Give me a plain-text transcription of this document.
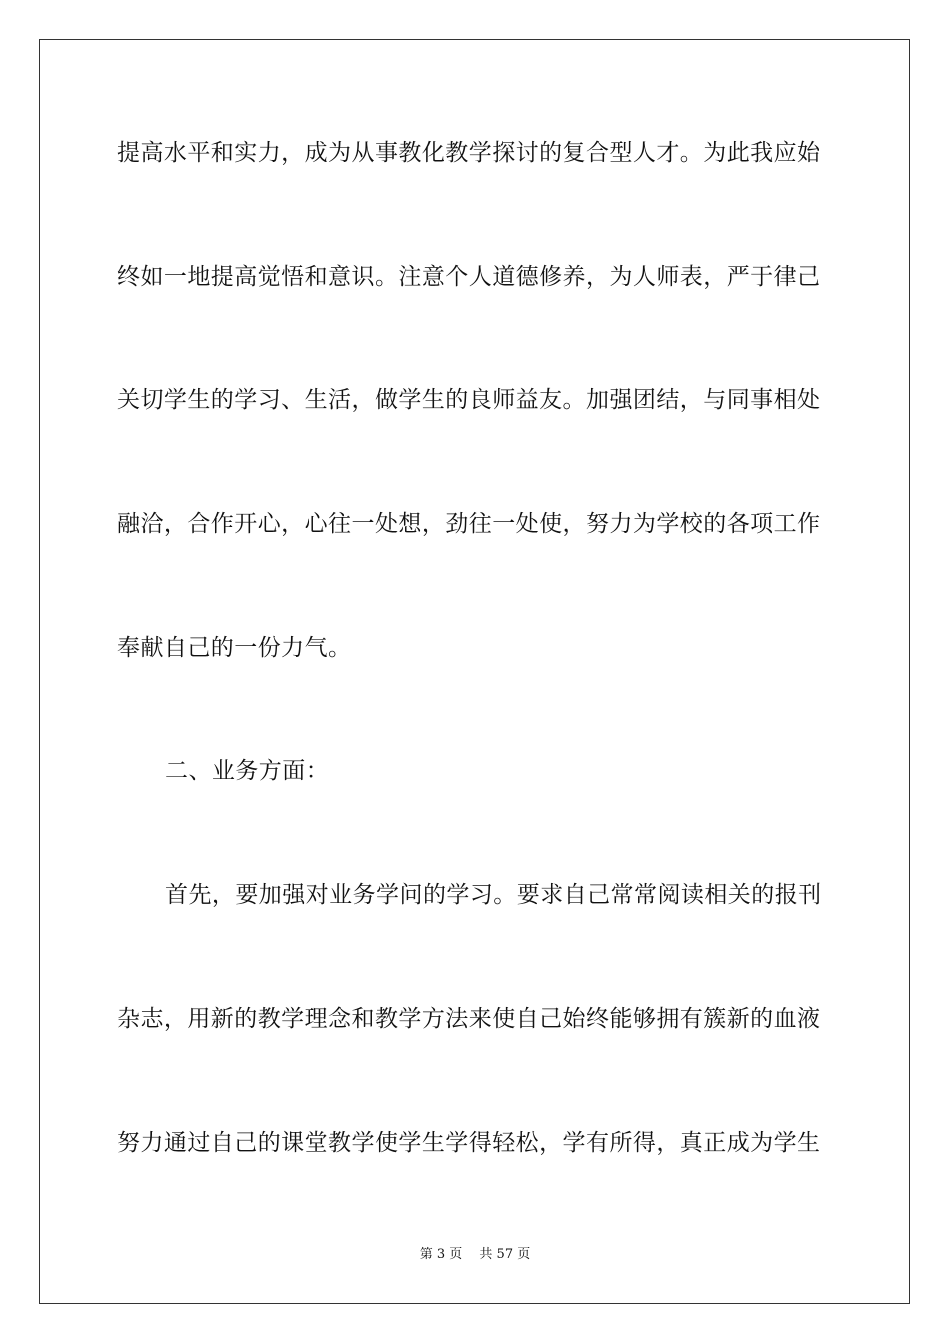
提高水平和实力，成为从事教化教学探讨的复合型人才。为此我应始
终如一地提高觉悟和意识。注意个人道德修养，为人师表，严于律己
关切学生的学习、生活，做学生的良师益友。加强团结，与同事相处
融洽，合作开心，心往一处想，劲往一处使，努力为学校的各项工作
奉献自己的一份力气。
二、业务方面：
首先，要加强对业务学问的学习。要求自己常常阅读相关的报刊
杂志，用新的教学理念和教学方法来使自己始终能够拥有簇新的血液
努力通过自己的课堂教学使学生学得轻松，学有所得，真正成为学生
第 3 页　 共 57 页
